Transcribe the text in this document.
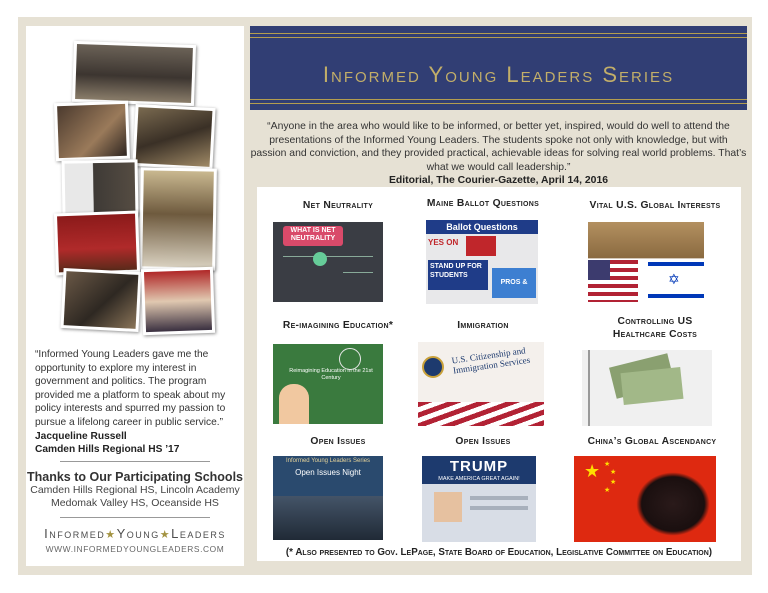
“Informed Young Leaders gave me the opportunity to explore my interest in government and politics. The program provided me a platform to speak about my policy interests and spurred my passion to pursue a lifelong career in public service.”
Jacqueline Russell
Camden Hills Regional HS ’17
Thanks to Our Participating Schools
Camden Hills Regional HS, Lincoln Academy
Medomak Valley HS, Oceanside HS
Informed★Young★Leaders
WWW.INFORMEDYOUNGLEADERS.COM
Informed Young Leaders Series
“Anyone in the area who would like to be informed, or better yet, inspired, would do well to attend the presentations of the Informed Young Leaders. The students spoke not only with knowledge, but with passion and conviction, and they provided practical, achievable ideas for solving real world problems. That’s what we would call leadership.”
Editorial, The Courier-Gazette, April 14, 2016
Net Neutrality
WHAT IS NET NEUTRALITY
Maine Ballot Questions
Ballot Questions
YES ON
STAND UP FOR STUDENTS
PROS & CONS
Vital U.S. Global Interests
✡
Re-imagining Education*
Reimagining Education in the 21st Century
Immigration
U.S. Citizenship and Immigration Services
Controlling US Healthcare Costs
Open Issues
Informed Young Leaders Series
Open Issues Night
Open Issues
TRUMP
MAKE AMERICA GREAT AGAIN!
China’s Global Ascendancy
★ ★
★
★
★
(* Also presented to Gov. LePage, State Board of Education, Legislative Committee on Education)
